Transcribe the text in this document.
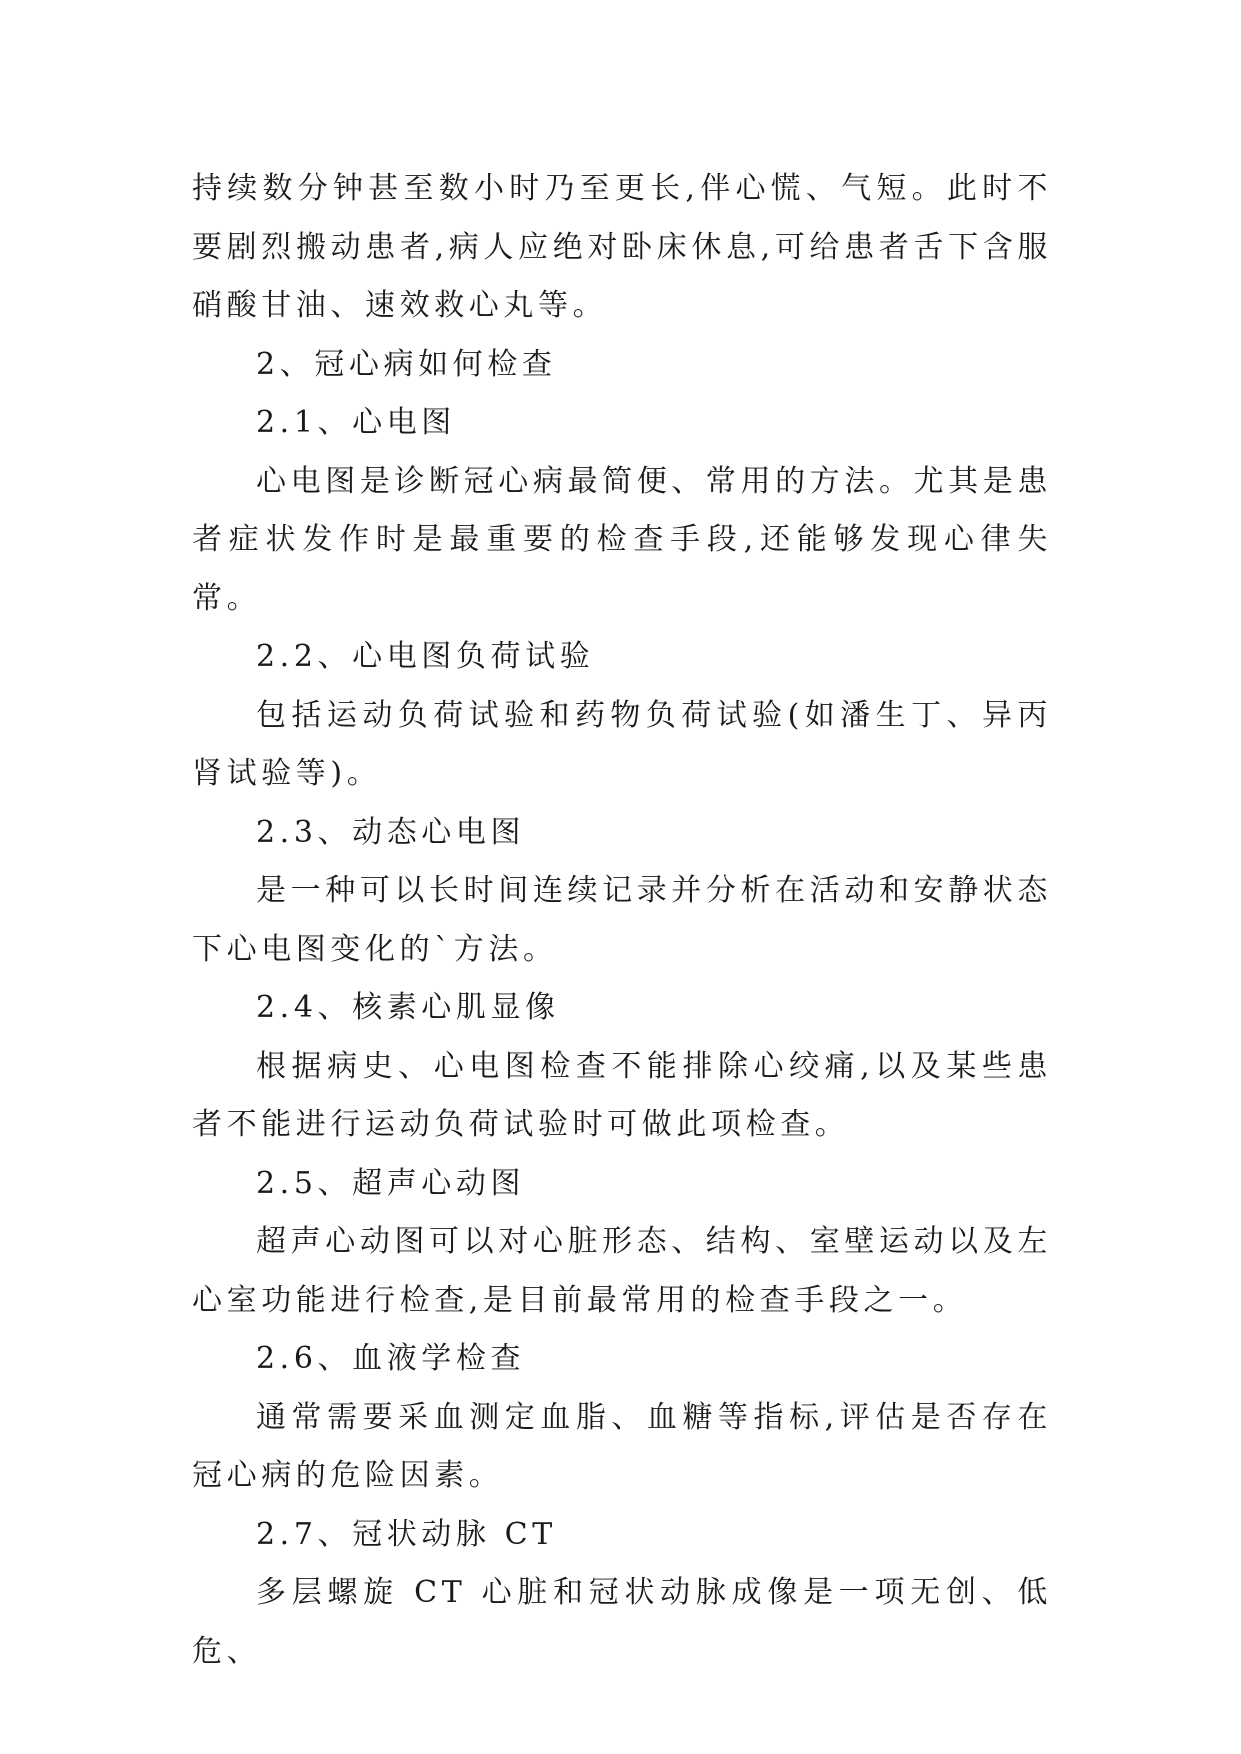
持续数分钟甚至数小时乃至更长,伴心慌、气短。此时不要剧烈搬动患者,病人应绝对卧床休息,可给患者舌下含服硝酸甘油、速效救心丸等。

2、冠心病如何检查

2.1、心电图

心电图是诊断冠心病最简便、常用的方法。尤其是患者症状发作时是最重要的检查手段,还能够发现心律失常。

2.2、心电图负荷试验

包括运动负荷试验和药物负荷试验(如潘生丁、异丙肾试验等)。

2.3、动态心电图

是一种可以长时间连续记录并分析在活动和安静状态下心电图变化的`方法。

2.4、核素心肌显像

根据病史、心电图检查不能排除心绞痛,以及某些患者不能进行运动负荷试验时可做此项检查。

2.5、超声心动图

超声心动图可以对心脏形态、结构、室壁运动以及左心室功能进行检查,是目前最常用的检查手段之一。

2.6、血液学检查

通常需要采血测定血脂、血糖等指标,评估是否存在冠心病的危险因素。

2.7、冠状动脉 CT

多层螺旋 CT 心脏和冠状动脉成像是一项无创、低危、
